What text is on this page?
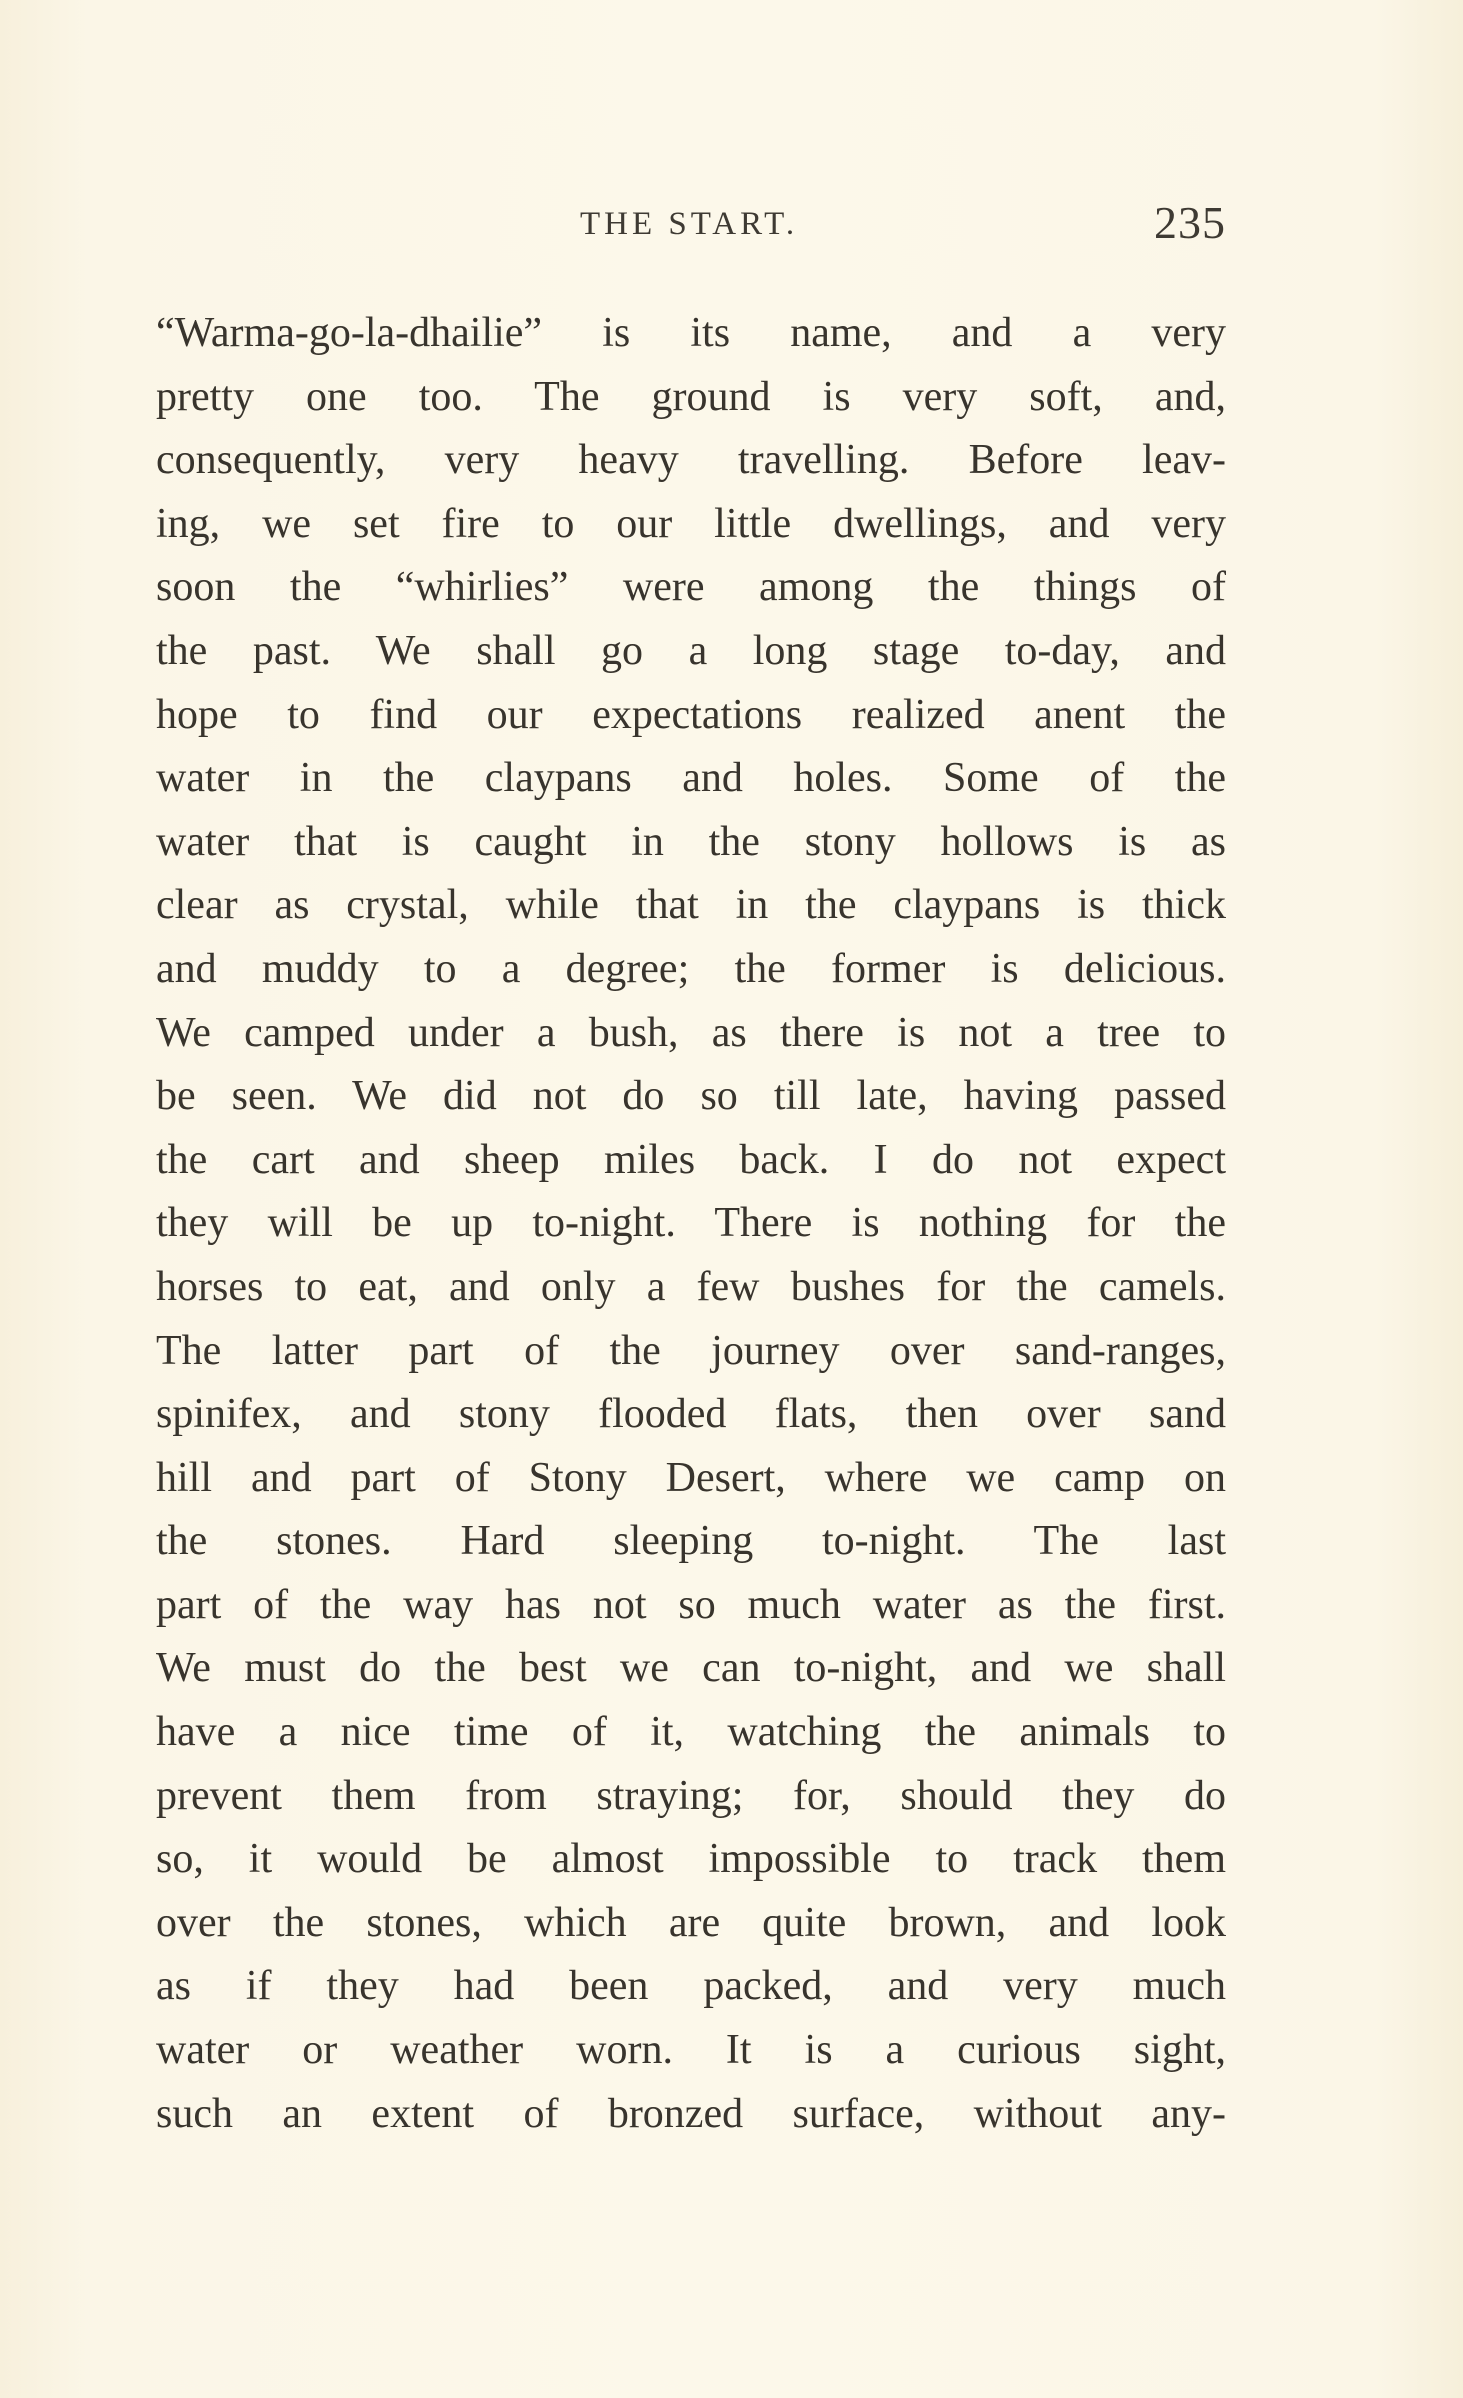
THE START.	235
“Warma-go-la-dhailie” is its name, and a very
pretty one too. The ground is very soft, and,
consequently, very heavy travelling. Before leav-
ing, we set fire to our little dwellings, and very
soon the “whirlies” were among the things of
the past. We shall go a long stage to-day, and
hope to find our expectations realized anent the
water in the claypans and holes. Some of the
water that is caught in the stony hollows is as
clear as crystal, while that in the claypans is thick
and muddy to a degree; the former is delicious.
We camped under a bush, as there is not a tree to
be seen. We did not do so till late, having passed
the cart and sheep miles back. I do not expect
they will be up to-night. There is nothing for the
horses to eat, and only a few bushes for the camels.
The latter part of the journey over sand-ranges,
spinifex, and stony flooded flats, then over sand
hill and part of Stony Desert, where we camp on
the stones. Hard sleeping to-night. The last
part of the way has not so much water as the first.
We must do the best we can to-night, and we shall
have a nice time of it, watching the animals to
prevent them from straying; for, should they do
so, it would be almost impossible to track them
over the stones, which are quite brown, and look
as if they had been packed, and very much
water or weather worn. It is a curious sight,
such an extent of bronzed surface, without any-
